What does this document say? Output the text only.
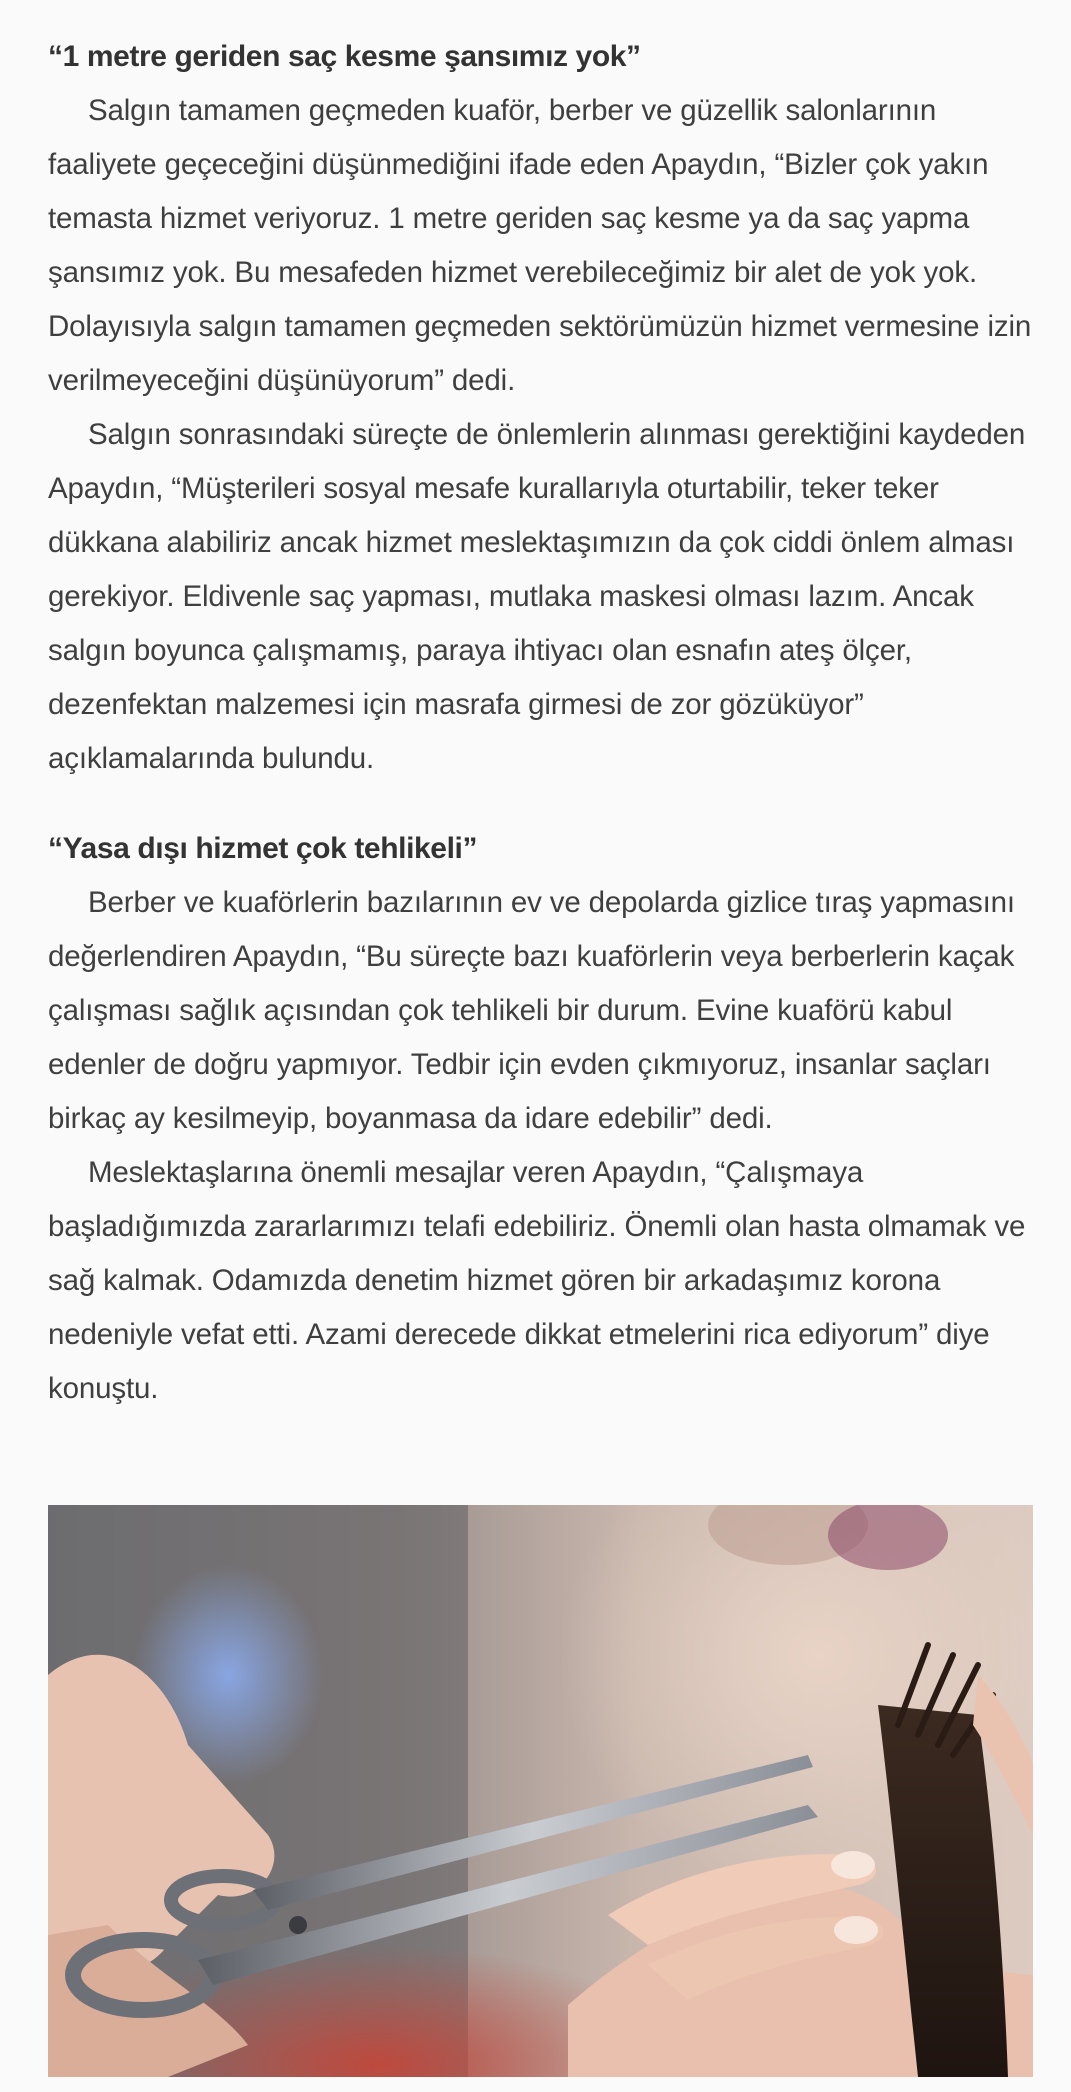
“1 metre geriden saç kesme şansımız yok”

Salgın tamamen geçmeden kuaför, berber ve güzellik salonlarının faaliyete geçeceğini düşünmediğini ifade eden Apaydın, “Bizler çok yakın temasta hizmet veriyoruz. 1 metre geriden saç kesme ya da saç yapma şansımız yok. Bu mesafeden hizmet verebileceğimiz bir alet de yok yok. Dolayısıyla salgın tamamen geçmeden sektörümüzün hizmet vermesine izin verilmeyeceğini düşünüyorum” dedi.

Salgın sonrasındaki süreçte de önlemlerin alınması gerektiğini kaydeden Apaydın, “Müşterileri sosyal mesafe kurallarıyla oturtabilir, teker teker dükkana alabiliriz ancak hizmet meslektaşımızın da çok ciddi önlem alması gerekiyor. Eldivenle saç yapması, mutlaka maskesi olması lazım. Ancak salgın boyunca çalışmamış, paraya ihtiyacı olan esnafın ateş ölçer, dezenfektan malzemesi için masrafa girmesi de zor gözüküyor” açıklamalarında bulundu.

“Yasa dışı hizmet çok tehlikeli”

Berber ve kuaförlerin bazılarının ev ve depolarda gizlice tıraş yapmasını değerlendiren Apaydın, “Bu süreçte bazı kuaförlerin veya berberlerin kaçak çalışması sağlık açısından çok tehlikeli bir durum. Evine kuaförü kabul edenler de doğru yapmıyor. Tedbir için evden çıkmıyoruz, insanlar saçları birkaç ay kesilmeyip, boyanmasa da idare edebilir” dedi.

Meslektaşlarına önemli mesajlar veren Apaydın, “Çalışmaya başladığımızda zararlarımızı telafi edebiliriz. Önemli olan hasta olmamak ve sağ kalmak. Odamızda denetim hizmet gören bir arkadaşımız korona nedeniyle vefat etti. Azami derecede dikkat etmelerini rica ediyorum” diye konuştu.
